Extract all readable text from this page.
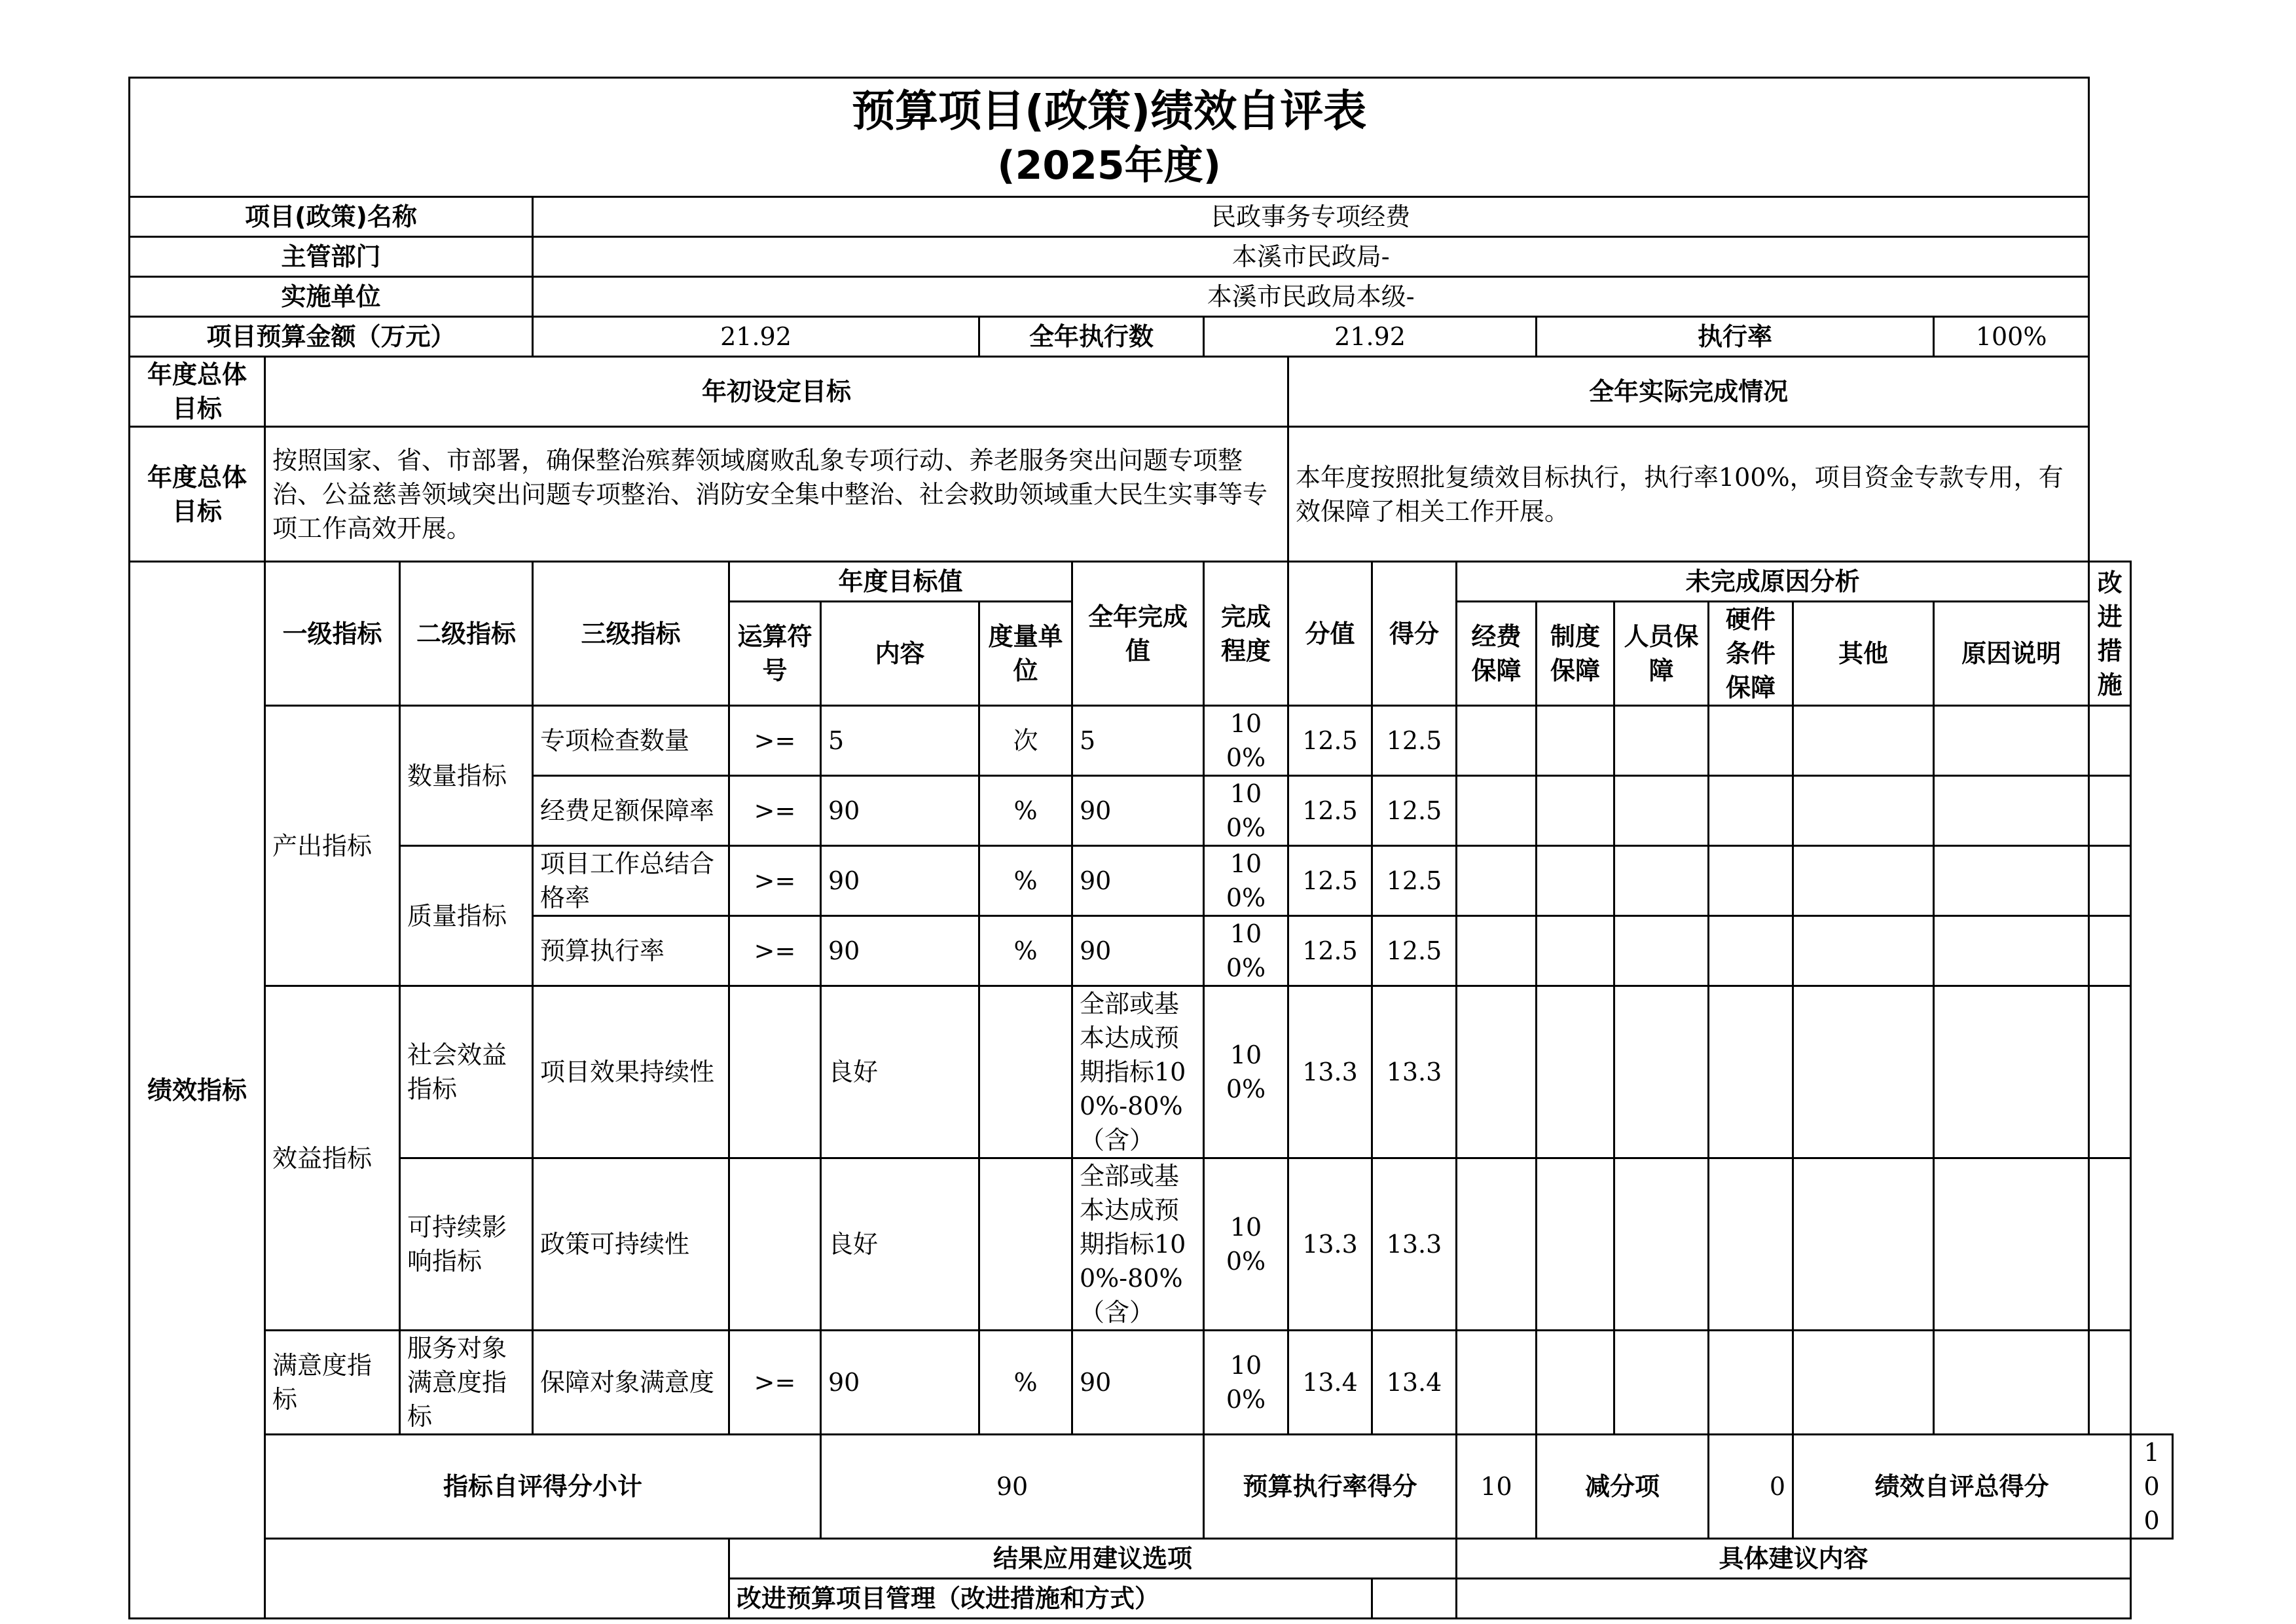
预算项目(政策)绩效自评表
(2025年度)																		

项目(政策)名称			民政事务专项经费															
主管部门			本溪市民政局-															
实施单位			本溪市民政局本级-															
项目预算金额（万元）			21.92			全年执行数		21.92				执行率				100%		
年度总体目标	年初设定目标								全年实际完成情况									
年度总体目标	按照国家、省、市部署，确保整治殡葬领域腐败乱象专项行动、养老服务突出问题专项整治、公益慈善领域突出问题专项整治、消防安全集中整治、社会救助领域重大民生实事等专项工作高效开展。								本年度按照批复绩效目标执行，执行率100%，项目资金专款专用，有效保障了相关工作开展。									
绩效指标	一级指标	二级指标	三级指标	年度目标值			全年完成值	完成程度	分值	得分	未完成原因分析						改进措施	
				运算符号	内容	度量单位					经费保障	制度保障	人员保障	硬件条件保障	其他	原因说明		
	产出指标	数量指标	专项检查数量	>=	5	次	5	100%	12.5	12.5								
			经费足额保障率	>=	90	%	90	100%	12.5	12.5								
		质量指标	项目工作总结合格率	>=	90	%	90	100%	12.5	12.5								
			预算执行率	>=	90	%	90	100%	12.5	12.5								
	效益指标	社会效益指标	项目效果持续性		良好		全部或基本达成预期指标100%-80%（含）	100%	13.3	13.3								
		可持续影响指标	政策可持续性		良好		全部或基本达成预期指标100%-80%（含）	100%	13.3	13.3								
	满意度指标	服务对象满意度指标	保障对象满意度	>=	90	%	90	100%	13.4	13.4								
	指标自评得分小计				90			预算执行率得分			10	减分项		0	绩效自评总得分			100
				结果应用建议选项							具体建议内容							
				改进预算项目管理（改进措施和方式）														
